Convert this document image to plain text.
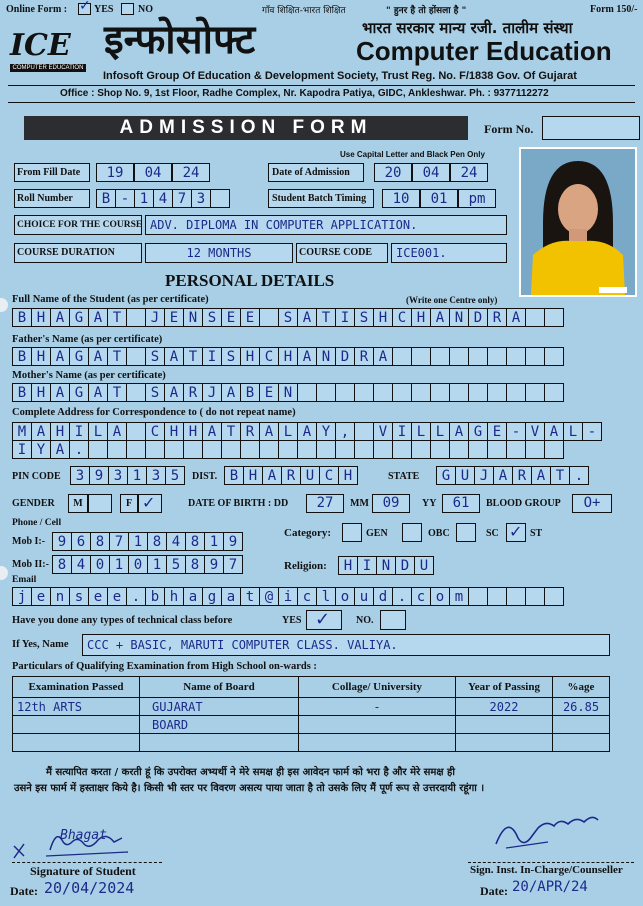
Online Form : ✓ YES NO	गाँव शिक्षित-भारत शिक्षित	" हुनर है तो होंसला है "	Form 150/-
ICE
COMPUTER EDUCATION
इन्फोसोफ्ट	भारत सरकार मान्य रजी. तालीम संस्था
Computer Education
Infosoft Group Of Education & Development Society, Trust Reg. No. F/1838 Gov. Of Gujarat
Office : Shop No. 9, 1st Floor, Radhe Complex, Nr. Kapodra Patiya, GIDC, Ankleshwar. Ph. : 9377112272
ADMISSION FORM	Form No.
Use Capital Letter and Black Pen Only
From Fill Date	19	04	24	Date of Admission	20	04	24
Roll Number	B - 1 4 7 3	Student Batch Timing	10	01	pm
CHOICE FOR THE COURSE ADV. DIPLOMA IN COMPUTER APPLICATION.
COURSE DURATION	12 MONTHS	COURSE CODE	ICE001.
PERSONAL DETAILS
Full Name of the Student (as per certificate)	(Write one Centre only)
B H A G A T	J E N S E E	S A T I S H C H A N D R A
Father's Name (as per certificate)
B H A G A T	S A T I S H C H A N D R A
Mother's Name (as per certificate)
B H A G A T	S A R J A B E N
Complete Address for Correspondence to ( do not repeat name)
M A H I L A	C H H A T R A L A Y ,	V I L L A G E - V A L -
I Y A .
PIN CODE	3 9 3 1 3 5	DIST. B H A R U C H	STATE	G U J A R A T .
GENDER	M	F ✓	DATE OF BIRTH : DD	27	MM 09	YY	61	BLOOD GROUP	O+
Phone / Cell
Category:	GEN	OBC	SC ✓ ST
Mob I:- 9 6 8 7 1 8 4 8 1 9
Mob II:- 8 4 0 1 0 1 5 8 9 7	Religion:	H I N D U
Email
j e n s e e . b h a g a t @ i c l o u d . c o m
Have you done any types of technical class before	YES ✓	NO.
If Yes, Name	CCC + BASIC, MARUTI COMPUTER CLASS. VALIYA.
Particulars of Qualifying Examination from High School on-wards :
Examination Passed	Name of Board	Collage/ University	Year of Passing	%age
12th ARTS	GUJARAT	-	2022	26.85
	BOARD			

मैं सत्यापित करता / करती हूं कि उपरोक्त अभ्यर्थी ने मेरे समक्ष ही इस आवेदन फार्म को भरा है और मेरे समक्ष ही
उसने इस फार्म में हस्ताक्षर किये है। किसी भी स्तर पर विवरण असत्य पाया जाता है तो उसके लिए मैं पूर्ण रूप से उत्तरदायी रहूंगा ।
Bhagat
Signature of Student
Date: 20/04/2024
Sign. Inst. In-Charge/Counseller
Date: 20/APR/24
